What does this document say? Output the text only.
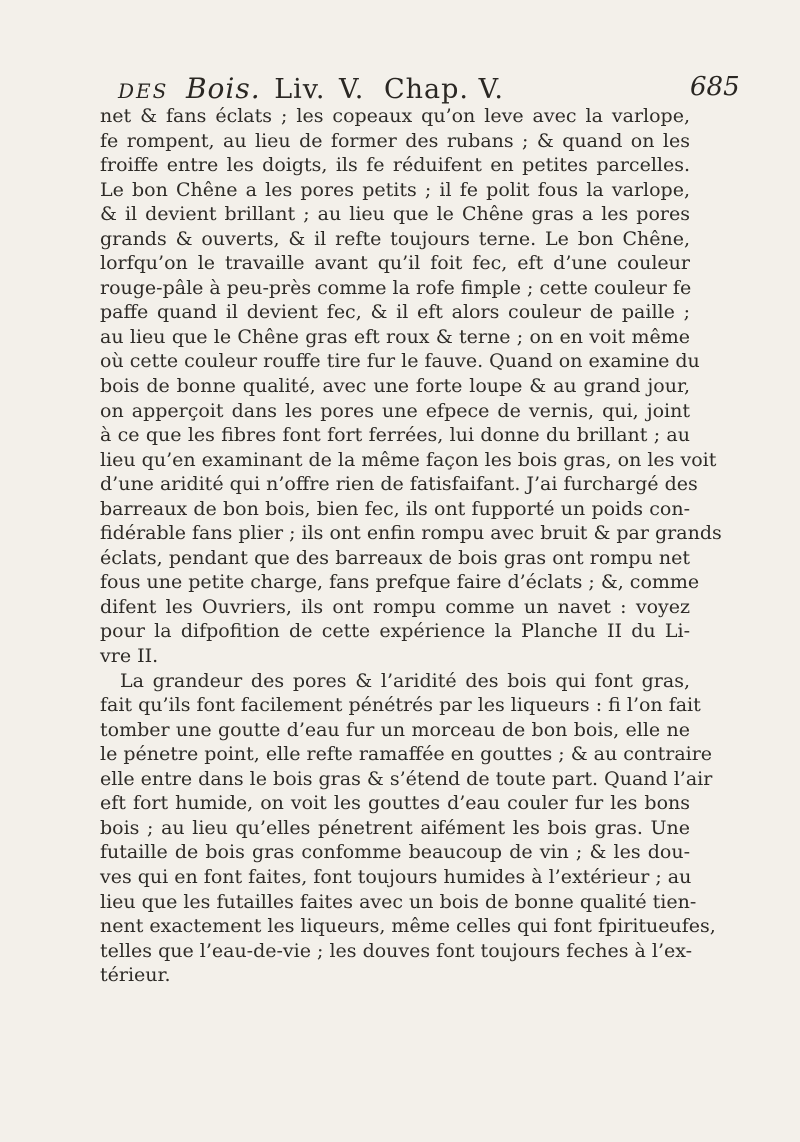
DES Bois. Liv. V. Chap. V.	685
net & fans éclats ; les copeaux qu’on leve avec la varlope,
fe rompent, au lieu de former des rubans ; & quand on les
froiffe entre les doigts, ils fe réduifent en petites parcelles.
Le bon Chêne a les pores petits ; il fe polit fous la varlope,
& il devient brillant ; au lieu que le Chêne gras a les pores
grands & ouverts, & il refte toujours terne. Le bon Chêne,
lorfqu’on le travaille avant qu’il foit fec, eft d’une couleur
rouge-pâle à peu-près comme la rofe fimple ; cette couleur fe
paffe quand il devient fec, & il eft alors couleur de paille ;
au lieu que le Chêne gras eft roux & terne ; on en voit même
où cette couleur rouffe tire fur le fauve. Quand on examine du
bois de bonne qualité, avec une forte loupe & au grand jour,
on apperçoit dans les pores une efpece de vernis, qui, joint
à ce que les fibres font fort ferrées, lui donne du brillant ; au
lieu qu’en examinant de la même façon les bois gras, on les voit
d’une aridité qui n’offre rien de fatisfaifant. J’ai furchargé des
barreaux de bon bois, bien fec, ils ont fupporté un poids con-
fidérable fans plier ; ils ont enfin rompu avec bruit & par grands
éclats, pendant que des barreaux de bois gras ont rompu net
fous une petite charge, fans prefque faire d’éclats ; &, comme
difent les Ouvriers, ils ont rompu comme un navet : voyez
pour la difpofition de cette expérience la Planche II du Li-
vre II.
La grandeur des pores & l’aridité des bois qui font gras,
fait qu’ils font facilement pénétrés par les liqueurs : fi l’on fait
tomber une goutte d’eau fur un morceau de bon bois, elle ne
le pénetre point, elle refte ramaffée en gouttes ; & au contraire
elle entre dans le bois gras & s’étend de toute part. Quand l’air
eft fort humide, on voit les gouttes d’eau couler fur les bons
bois ; au lieu qu’elles pénetrent aifément les bois gras. Une
futaille de bois gras confomme beaucoup de vin ; & les dou-
ves qui en font faites, font toujours humides à l’extérieur ; au
lieu que les futailles faites avec un bois de bonne qualité tien-
nent exactement les liqueurs, même celles qui font fpiritueufes,
telles que l’eau-de-vie ; les douves font toujours feches à l’ex-
térieur.
